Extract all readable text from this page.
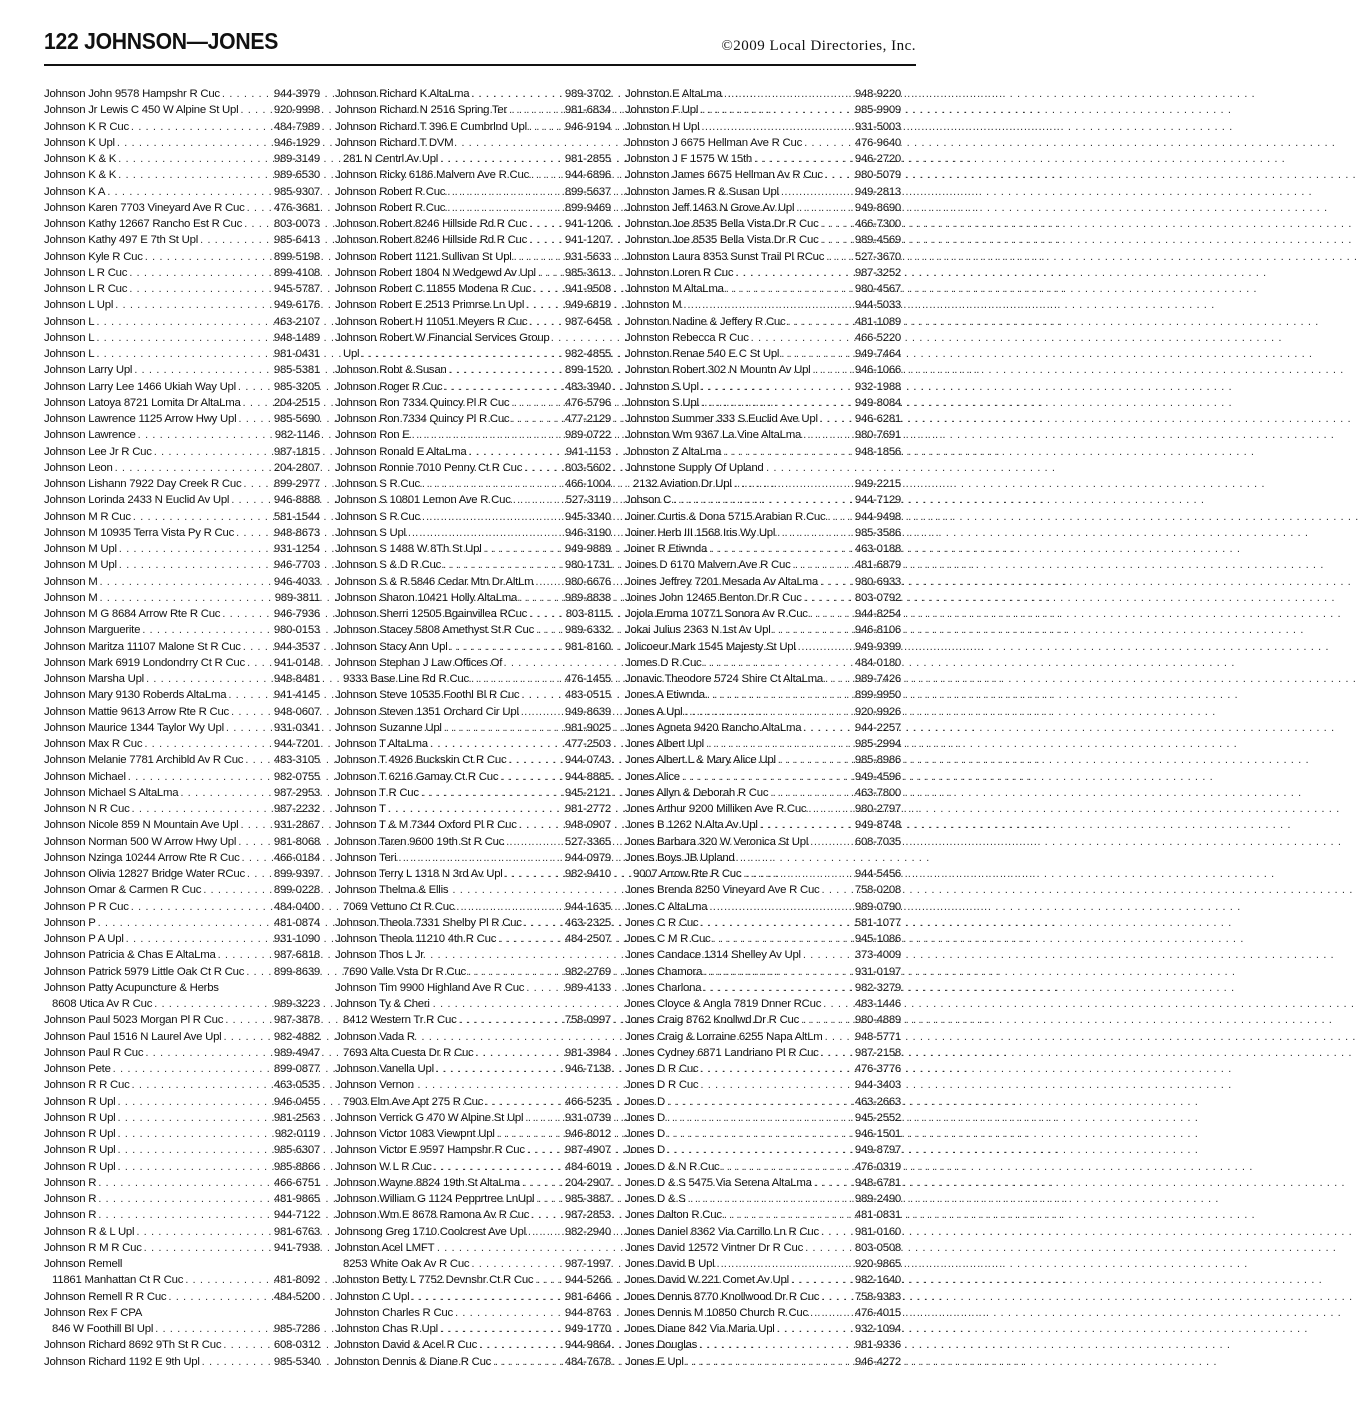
122 JOHNSON—JONES	©2009 Local Directories, Inc.
Johnson John 9578 Hampshr R Cuc . . .	944-3979
Johnson Jr Lewis C 450 W Alpine St Upl . . .	920-9998
Johnson K R Cuc . . .	484-7989
Johnson K Upl . . .	946-1929
Johnson K & K . . .	989-3149
Johnson K & K . . .	989-6530
Johnson K A . . .	985-9307
Johnson Karen 7703 Vineyard Ave R Cuc . . .	476-3681
Johnson Kathy 12667 Rancho Est R Cuc . . .	803-0073
Johnson Kathy 497 E 7th St Upl . . .	985-6413
Johnson Kyle R Cuc . . .	899-5198
Johnson L R Cuc . . .	899-4108
Johnson L R Cuc . . .	945-5787
Johnson L Upl . . .	949-6176
Johnson L . . .	463-2107
Johnson L . . .	948-1489
Johnson L . . .	981-0431
Johnson Larry Upl . . .	985-5381
Johnson Larry Lee 1466 Ukiah Way Upl . . .	985-3205
Johnson Latoya 8721 Lomita Dr AltaLma . . .	204-2515
Johnson Lawrence 1125 Arrow Hwy Upl . . .	985-5690
Johnson Lawrence . . .	982-1146
Johnson Lee Jr R Cuc . . .	987-1815
Johnson Leon . . .	204-2807
Johnson Lishann 7922 Day Creek R Cuc . . .	899-2977
Johnson Lorinda 2433 N Euclid Av Upl . . .	946-8888
Johnson M R Cuc . . .	581-1544
Johnson M 10935 Terra Vista Py R Cuc . . .	948-8673
Johnson M Upl . . .	931-1254
Johnson M Upl . . .	946-7703
Johnson M . . .	946-4033
Johnson M . . .	989-3811
Johnson M G 8684 Arrow Rte R Cuc . . .	946-7936
Johnson Marguerite . . .	980-0153
Johnson Maritza 11107 Malone St R Cuc . . .	944-3537
Johnson Mark 6919 Londondrry Ct R Cuc . . .	941-0148
Johnson Marsha Upl . . .	948-8481
Johnson Mary 9130 Roberds AltaLma . . .	941-4145
Johnson Mattie 9613 Arrow Rte R Cuc . . .	948-0607
Johnson Maurice 1344 Taylor Wy Upl . . .	931-0341
Johnson Max R Cuc . . .	944-7201
Johnson Melanie 7781 Archibld Av R Cuc . . .	483-3105
Johnson Michael . . .	982-0755
Johnson Michael S AltaLma . . .	987-2953
Johnson N R Cuc . . .	987-2232
Johnson Nicole 859 N Mountain Ave Upl . . .	931-2867
Johnson Norman 500 W Arrow Hwy Upl . . .	981-8068
Johnson Nzinga 10244 Arrow Rte R Cuc . . .	466-0184
Johnson Olivia 12827 Bridge Water RCuc . . .	899-9397
Johnson Omar & Carmen R Cuc . . .	899-0228
Johnson P R Cuc . . .	484-0400
Johnson P . . .	481-0874
Johnson P A Upl . . .	931-1090
Johnson Patricia & Chas E AltaLma . . .	987-6818
Johnson Patrick 5979 Little Oak Ct R Cuc . . .	899-8639
Johnson Patty Acupuncture & Herbs
8608 Utica Av R Cuc . . .	989-3223
Johnson Paul 5023 Morgan Pl R Cuc . . .	987-3878
Johnson Paul 1516 N Laurel Ave Upl . . .	982-4882
Johnson Paul R Cuc . . .	989-4947
Johnson Pete . . .	899-0877
Johnson R R Cuc . . .	463-0535
Johnson R Upl . . .	946-0455
Johnson R Upl . . .	981-2563
Johnson R Upl . . .	982-0119
Johnson R Upl . . .	985-6307
Johnson R Upl . . .	985-8866
Johnson R . . .	466-6751
Johnson R . . .	481-9865
Johnson R . . .	944-7122
Johnson R & L Upl . . .	981-6763
Johnson R M R Cuc . . .	941-7938
Johnson Remell
11861 Manhattan Ct R Cuc . . .	481-8092
Johnson Remell R R Cuc . . .	484-5200
Johnson Rex F CPA
846 W Foothill Bl Upl . . .	985-7286
Johnson Richard 8692 9Th St R Cuc . . .	608-0312
Johnson Richard 1192 E 9th Upl . . .	985-5340
Johnson Richard K AltaLma . . .	989-3702
Johnson Richard N 2516 Spring Ter . . .	981-6834
Johnson Richard T 396 E Cumbrlnd Upl . . .	946-9194
Johnson Richard T DVM
281 N Centrl Av Upl . . .	981-2855
Johnson Ricky 6186 Malvern Ave R Cuc . . .	944-6896
Johnson Robert R Cuc . . .	899-5637
Johnson Robert R Cuc . . .	899-9469
Johnson Robert 8246 Hillside Rd R Cuc . . .	941-1206
Johnson Robert 8246 Hillside Rd R Cuc . . .	941-1207
Johnson Robert 1121 Sullivan St Upl . . .	931-5633
Johnson Robert 1804 N Wedgewd Av Upl . . .	985-3613
Johnson Robert C 11855 Modena R Cuc . . .	941-9508
Johnson Robert E 2513 Primrse Ln Upl . . .	949-6819
Johnson Robert H 11051 Meyers R Cuc . . .	987-6458
Johnson Robert W Financial Services Group
Upl . . .	982-4855
Johnson Robt & Susan . . .	899-1520
Johnson Roger R Cuc . . .	483-3940
Johnson Ron 7334 Quincy Pl R Cuc . . .	476-5796
Johnson Ron 7334 Quincy Pl R Cuc . . .	477-2129
Johnson Ron E . . .	989-0722
Johnson Ronald E AltaLma . . .	941-1153
Johnson Ronnie 7010 Penny Ct R Cuc . . .	803-5602
Johnson S R Cuc . . .	466-1004
Johnson S 10801 Lemon Ave R Cuc . . .	527-3119
Johnson S R Cuc . . .	945-3340
Johnson S Upl . . .	946-3190
Johnson S 1488 W 8Th St Upl . . .	949-9889
Johnson S & D R Cuc . . .	980-1731
Johnson S & R 5846 Cedar Mtn Dr AltLm . . .	980-6676
Johnson Sharon 10421 Holly AltaLma . . .	989-8838
Johnson Sherri 12505 Bgainvillea RCuc . . .	803-8115
Johnson Stacey 5808 Amethyst St R Cuc . . .	989-6332
Johnson Stacy Ann Upl . . .	981-8160
Johnson Stephan J Law Offices Of
9333 Base Line Rd R Cuc . . .	476-1455
Johnson Steve 10535 Foothl Bl R Cuc . . .	483-0515
Johnson Steven 1351 Orchard Cir Upl . . .	949-8639
Johnson Suzanne Upl . . .	981-9025
Johnson T AltaLma . . .	477-2503
Johnson T 4926 Buckskin Ct R Cuc . . .	944-0743
Johnson T 6216 Gamay Ct R Cuc . . .	944-8885
Johnson T R Cuc . . .	945-2121
Johnson T . . .	981-2772
Johnson T & M 7344 Oxford Pl R Cuc . . .	948-0907
Johnson Taren 9600 19th St R Cuc . . .	527-3365
Johnson Teri . . .	944-0979
Johnson Terry L 1318 N 3rd Av Upl . . .	982-9410
Johnson Thelma & Ellis
7069 Vettuno Ct R Cuc . . .	944-1635
Johnson Theola 7331 Shelby Pl R Cuc . . .	463-2325
Johnson Theola 11210 4th R Cuc . . .	484-2507
Johnson Thos L Jr
7690 Valle Vsta Dr R Cuc . . .	982-2769
Johnson Tim 9900 Highland Ave R Cuc . . .	989-4133
Johnson Ty & Cheri
8412 Western Tr R Cuc . . .	758-0997
Johnson Vada R
7693 Alta Cuesta Dr R Cuc . . .	981-3984
Johnson Vanella Upl . . .	946-7138
Johnson Vernon
7903 Elm Ave Apt 275 R Cuc . . .	466-5235
Johnson Verrick G 470 W Alpine St Upl . . .	931-0739
Johnson Victor 1083 Viewpnt Upl . . .	946-8012
Johnson Victor E 9597 Hampshr R Cuc . . .	987-4907
Johnson W L R Cuc . . .	484-6019
Johnson Wayne 8824 19th St AltaLma . . .	204-2907
Johnson William G 1124 Pepprtree LnUpl . . .	985-3887
Johnson Wm E 8678 Ramona Av R Cuc . . .	987-2853
Johnsong Greg 1710 Coolcrest Ave Upl . . .	982-2940
Johnston Acel LMFT
8253 White Oak Av R Cuc . . .	987-1997
Johnston Betty L 7752 Devnshr Ct R Cuc . . .	944-5266
Johnston C Upl . . .	981-6466
Johnston Charles R Cuc . . .	944-8763
Johnston Chas R Upl . . .	949-1770
Johnston David & Acel R Cuc . . .	944-9864
Johnston Dennis & Diane R Cuc . . .	484-7678
Johnston E AltaLma . . .	948-9220
Johnston F Upl . . .	985-9909
Johnston H Upl . . .	931-5003
Johnston J 6675 Hellman Ave R Cuc . . .	476-9640
Johnston J F 1575 W 15th . . .	946-2720
Johnston James 6675 Hellman Av R Cuc . . .	980-5079
Johnston James R & Susan Upl . . .	949-2813
Johnston Jeff 1463 N Grove Av Upl . . .	949-8690
Johnston Joe 8535 Bella Vista Dr R Cuc . . .	466-7300
Johnston Joe 8535 Bella Vista Dr R Cuc . . .	989-4569
Johnston Laura 8353 Sunst Trail Pl RCuc . . .	527-3670
Johnston Loren R Cuc . . .	987-3252
Johnston M AltaLma . . .	980-4567
Johnston M . . .	944-5033
Johnston Nadine & Jeffery R Cuc . . .	481-1089
Johnston Rebecca R Cuc . . .	466-5220
Johnston Renae 540 E C St Upl . . .	949-7464
Johnston Robert 302 N Mountn Av Upl . . .	946-1066
Johnston S Upl . . .	932-1988
Johnston S Upl . . .	949-8084
Johnston Summer 333 S Euclid Ave Upl . . .	946-6281
Johnston Wm 9367 La Vine AltaLma . . .	980-7691
Johnston Z AltaLma . . .	948-1856
Johnstone Supply Of Upland
2132 Aviation Dr Upl . . .	949-2215
Johson C . . .	944-7129
Joiner Curtis & Dona 5715 Arabian R Cuc . . .	944-9498
Joiner Herb III 1568 Iris Wy Upl . . .	985-3586
Joiner R Etiwnda . . .	463-0188
Joines D 6170 Malvern Ave R Cuc . . .	481-6879
Joines Jeffrey 7201 Mesada Av AltaLma . . .	980-6933
Joines John 12465 Benton Dr R Cuc . . .	803-0792
Jojola Emma 10771 Sonora Av R Cuc . . .	944-8254
Jokai Julius 2363 N 1st Av Upl . . .	946-8106
Jolicoeur Mark 1545 Majesty St Upl . . .	949-9399
Jomes D R Cuc . . .	484-0180
Jonavic Theodore 5724 Shire Ct AltaLma . . .	989-7426
Jones A Etiwnda . . .	899-9950
Jones A Upl . . .	920-9926
Jones Agneta 9420 Rancho AltaLma . . .	944-2257
Jones Albert Upl . . .	985-2994
Jones Albert L & Mary Alice Upl . . .	985-8986
Jones Alice . . .	949-4596
Jones Allyn & Deborah R Cuc . . .	463-7800
Jones Arthur 9200 Milliken Ave R Cuc . . .	980-2797
Jones B 1262 N Alta Av Upl . . .	949-8748
Jones Barbara 320 W Veronica St Upl . . .	608-7035
Jones Boys JB Upland
9007 Arrow Rte R Cuc . . .	944-5456
Jones Brenda 8250 Vineyard Ave R Cuc . . .	758-0208
Jones C AltaLma . . .	989-0790
Jones C R Cuc . . .	581-1077
Jones C M R Cuc . . .	945-1086
Jones Candace 1314 Shelley Av Upl . . .	373-4009
Jones Chamora . . .	931-0197
Jones Charlona . . .	982-3279
Jones Cloyce & Angla 7819 Dnner RCuc . . .	483-1446
Jones Craig 8762 Knollwd Dr R Cuc . . .	980-4889
Jones Craig & Lorraine 6255 Napa AltLm . . .	948-5771
Jones Cydney 6871 Landriano Pl R Cuc . . .	987-2158
Jones D R Cuc . . .	476-3776
Jones D R Cuc . . .	944-3403
Jones D . . .	463-2663
Jones D . . .	945-2552
Jones D . . .	946-1501
Jones D . . .	949-8797
Jones D & N R Cuc . . .	476-0319
Jones D & S 5475 Via Serena AltaLma . . .	948-6781
Jones D & S . . .	989-2490
Jones Dalton R Cuc . . .	481-0831
Jones Daniel 8362 Via Carrillo Ln R Cuc . . .	981-0160
Jones David 12572 Vintner Dr R Cuc . . .	803-0508
Jones David B Upl . . .	920-9865
Jones David W 221 Comet Av Upl . . .	982-1640
Jones Dennis 8770 Knollwood Dr R Cuc . . .	758-9383
Jones Dennis M 10850 Church R Cuc . . .	476-4015
Jones Diane 842 Via Maria Upl . . .	932-1094
Jones Douglas . . .	981-9336
Jones E Upl . . .	946-4272
